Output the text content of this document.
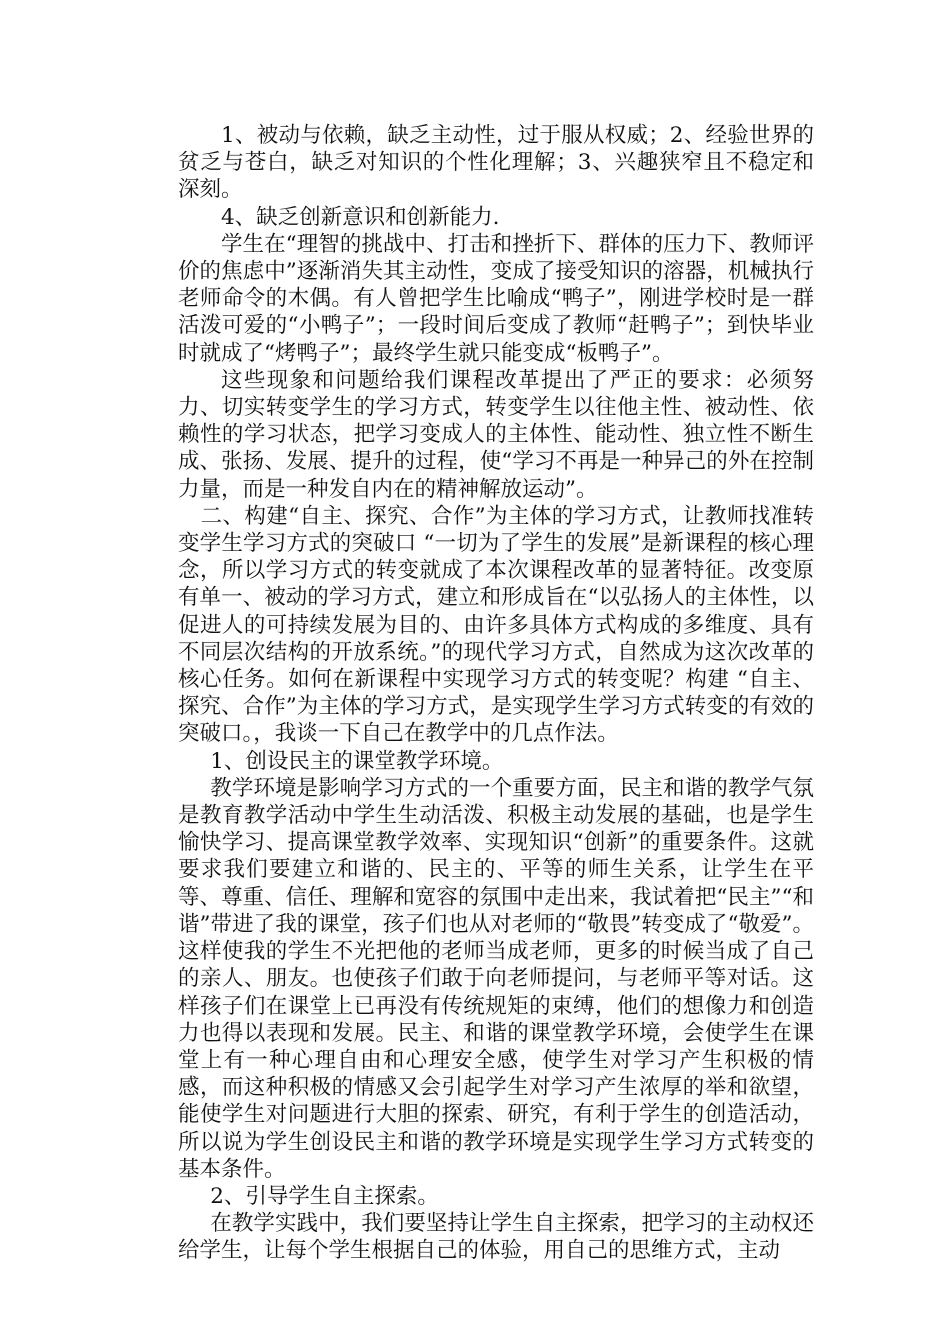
1、被动与依赖，缺乏主动性，过于服从权威；2、经验世界的贫乏与苍白，缺乏对知识的个性化理解；3、兴趣狭窄且不稳定和深刻。

4、缺乏创新意识和创新能力.

学生在“理智的挑战中、打击和挫折下、群体的压力下、教师评价的焦虑中”逐渐消失其主动性，变成了接受知识的溶器，机械执行老师命令的木偶。有人曾把学生比喻成“鸭子”，刚进学校时是一群活泼可爱的“小鸭子”；一段时间后变成了教师“赶鸭子”；到快毕业时就成了“烤鸭子”；最终学生就只能变成“板鸭子”。

这些现象和问题给我们课程改革提出了严正的要求：必须努力、切实转变学生的学习方式，转变学生以往他主性、被动性、依赖性的学习状态，把学习变成人的主体性、能动性、独立性不断生成、张扬、发展、提升的过程，使“学习不再是一种异己的外在控制力量，而是一种发自内在的精神解放运动”。

二、构建“自主、探究、合作”为主体的学习方式，让教师找准转变学生学习方式的突破口 “一切为了学生的发展”是新课程的核心理念，所以学习方式的转变就成了本次课程改革的显著特征。改变原有单一、被动的学习方式，建立和形成旨在“以弘扬人的主体性，以促进人的可持续发展为目的、由许多具体方式构成的多维度、具有不同层次结构的开放系统。”的现代学习方式，自然成为这次改革的核心任务。如何在新课程中实现学习方式的转变呢？构建 “自主、探究、合作”为主体的学习方式，是实现学生学习方式转变的有效的突破口。，我谈一下自己在教学中的几点作法。

1、创设民主的课堂教学环境。

教学环境是影响学习方式的一个重要方面，民主和谐的教学气氛是教育教学活动中学生生动活泼、积极主动发展的基础，也是学生愉快学习、提高课堂教学效率、实现知识“创新”的重要条件。这就要求我们要建立和谐的、民主的、平等的师生关系，让学生在平等、尊重、信任、理解和宽容的氛围中走出来，我试着把“民主”“和谐”带进了我的课堂，孩子们也从对老师的“敬畏”转变成了“敬爱”。这样使我的学生不光把他的老师当成老师，更多的时候当成了自己的亲人、朋友。也使孩子们敢于向老师提问，与老师平等对话。这样孩子们在课堂上已再没有传统规矩的束缚，他们的想像力和创造力也得以表现和发展。民主、和谐的课堂教学环境，会使学生在课堂上有一种心理自由和心理安全感，使学生对学习产生积极的情感，而这种积极的情感又会引起学生对学习产生浓厚的举和欲望，能使学生对问题进行大胆的探索、研究，有利于学生的创造活动，所以说为学生创设民主和谐的教学环境是实现学生学习方式转变的基本条件。

2、引导学生自主探索。

在教学实践中，我们要坚持让学生自主探索，把学习的主动权还给学生，让每个学生根据自己的体验，用自己的思维方式，主动
